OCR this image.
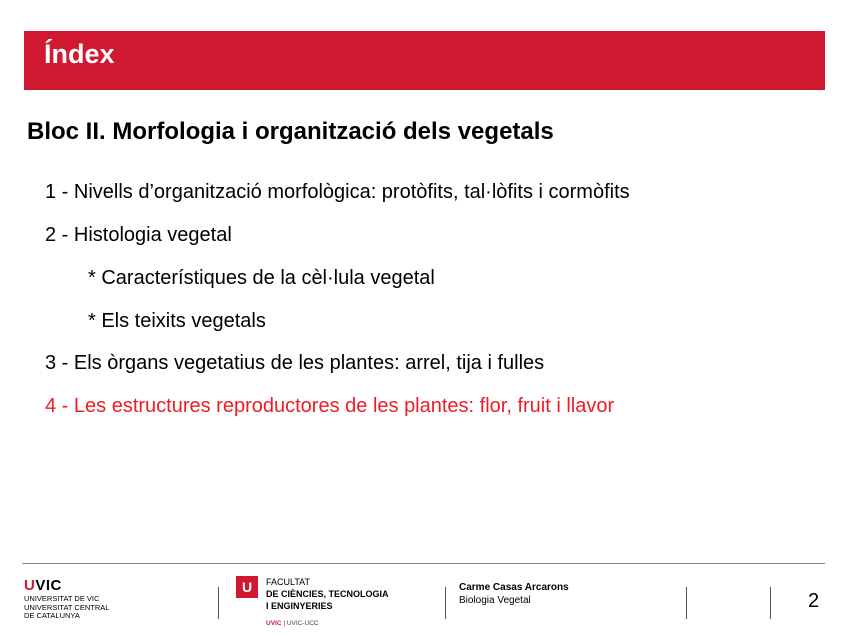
Índex
Bloc II. Morfologia i organització dels vegetals
1 - Nivells d’organització morfològica: protòfits, tal·lòfits i cormòfits
2 - Histologia vegetal
* Característiques de la cèl·lula vegetal
* Els teixits vegetals
3 - Els òrgans vegetatius de les plantes: arrel, tija i fulles
4 - Les estructures reproductores de les plantes: flor, fruit i llavor
UVIC
UNIVERSITAT DE VIC
UNIVERSITAT CENTRAL
DE CATALUNYA
U	FACULTAT
DE CIÈNCIES, TECNOLOGIA
I ENGINYERIES
UVIC | UVIC-UCC
Carme Casas Arcarons
Biologia Vegetal	2
